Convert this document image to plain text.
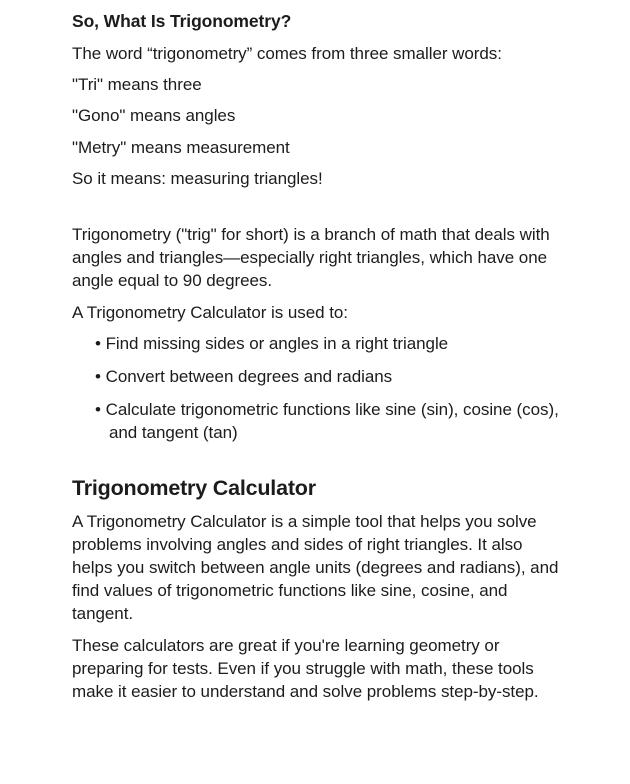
So, What Is Trigonometry?

The word “trigonometry” comes from three smaller words:

"Tri" means three

"Gono" means angles

"Metry" means measurement

So it means: measuring triangles!

Trigonometry ("trig" for short) is a branch of math that deals with angles and triangles—especially right triangles, which have one angle equal to 90 degrees.

A Trigonometry Calculator is used to:

• Find missing sides or angles in a right triangle
• Convert between degrees and radians
• Calculate trigonometric functions like sine (sin), cosine (cos), and tangent (tan)
Trigonometry Calculator

A Trigonometry Calculator is a simple tool that helps you solve problems involving angles and sides of right triangles. It also helps you switch between angle units (degrees and radians), and find values of trigonometric functions like sine, cosine, and tangent.

These calculators are great if you're learning geometry or preparing for tests. Even if you struggle with math, these tools make it easier to understand and solve problems step-by-step.
